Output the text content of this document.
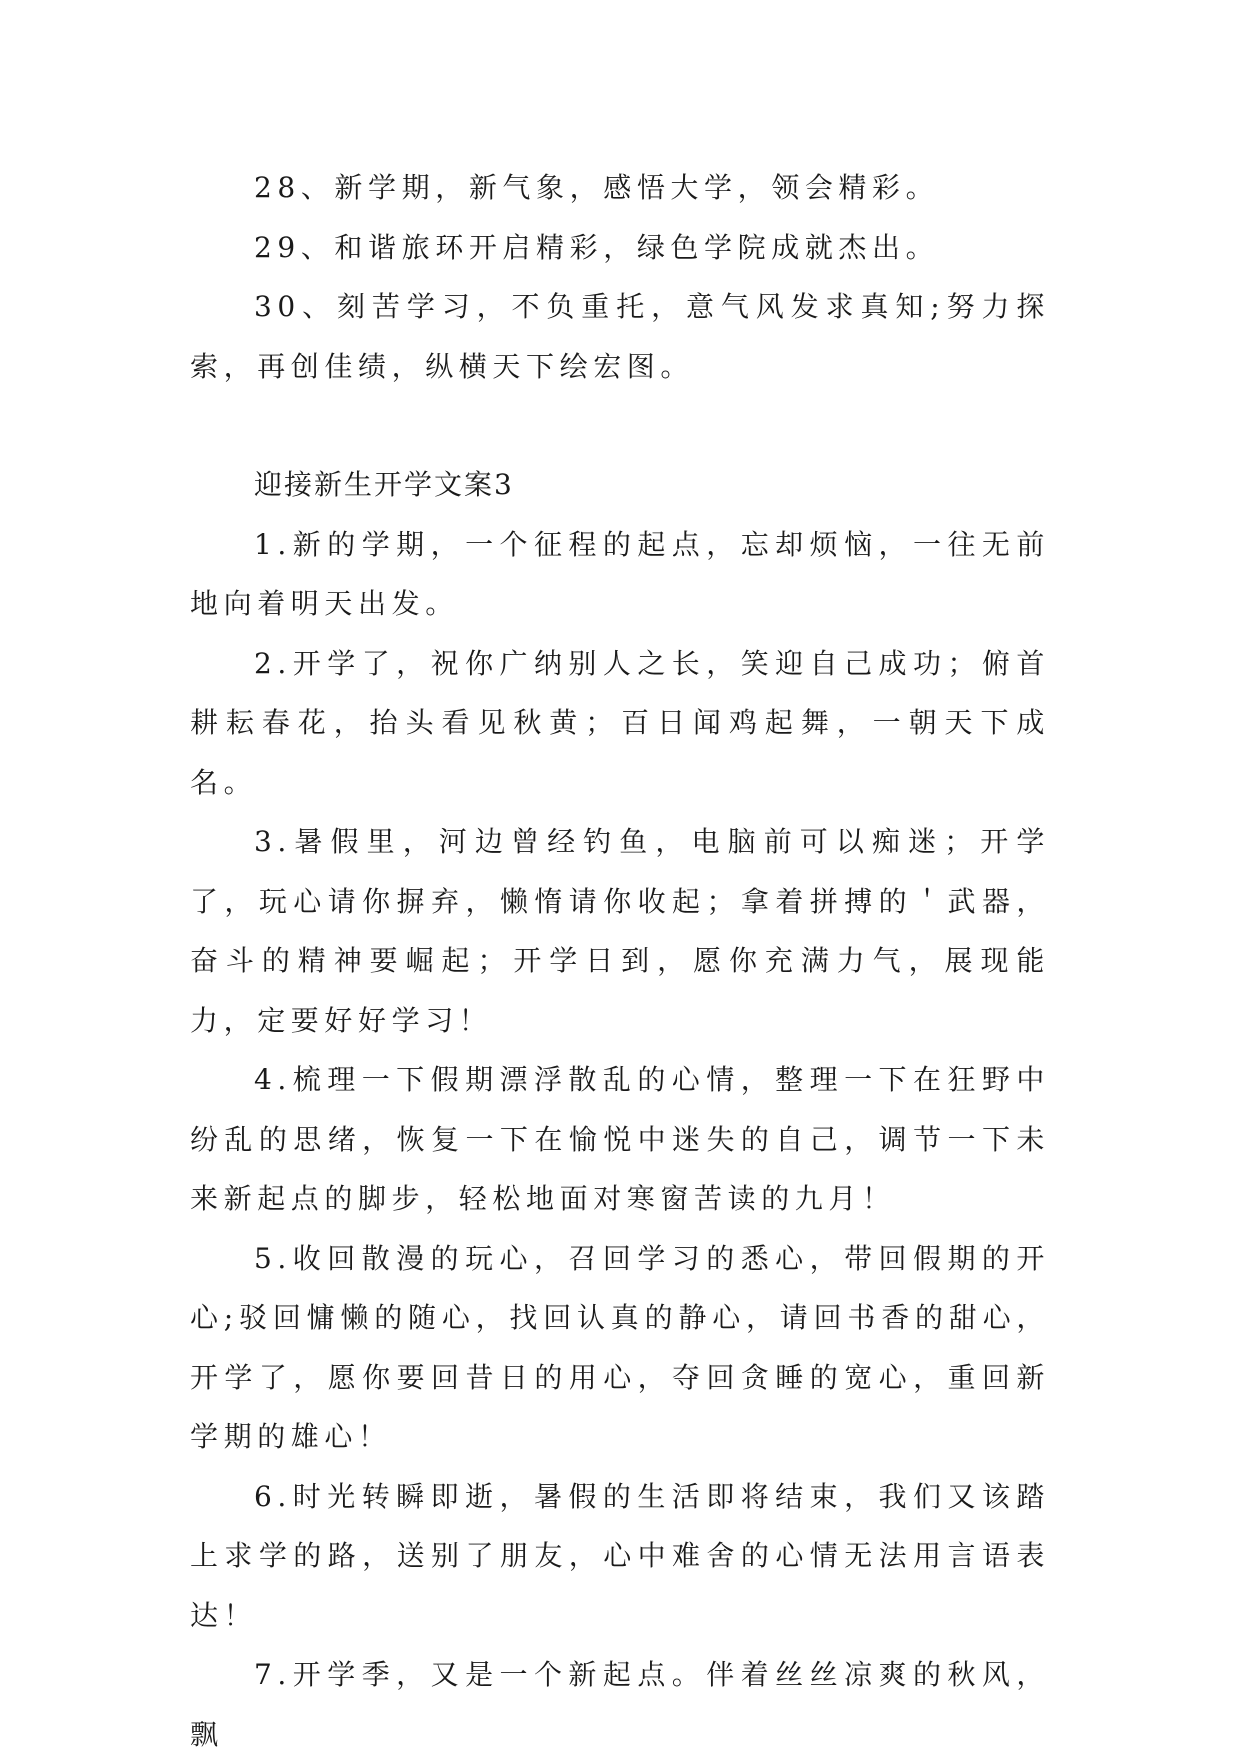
28、新学期，新气象，感悟大学，领会精彩。

29、和谐旅环开启精彩，绿色学院成就杰出。

30、刻苦学习，不负重托，意气风发求真知;努力探索，再创佳绩，纵横天下绘宏图。

迎接新生开学文案3

1.新的学期，一个征程的起点，忘却烦恼，一往无前地向着明天出发。

2.开学了，祝你广纳别人之长，笑迎自己成功；俯首耕耘春花，抬头看见秋黄；百日闻鸡起舞，一朝天下成名。

3.暑假里，河边曾经钓鱼，电脑前可以痴迷；开学了，玩心请你摒弃，懒惰请你收起；拿着拼搏的＇武器，奋斗的精神要崛起；开学日到，愿你充满力气，展现能力，定要好好学习！

4.梳理一下假期漂浮散乱的心情，整理一下在狂野中纷乱的思绪，恢复一下在愉悦中迷失的自己，调节一下未来新起点的脚步，轻松地面对寒窗苦读的九月！

5.收回散漫的玩心，召回学习的悉心，带回假期的开心;驳回慵懒的随心，找回认真的静心，请回书香的甜心，开学了，愿你要回昔日的用心，夺回贪睡的宽心，重回新学期的雄心！

6.时光转瞬即逝，暑假的生活即将结束，我们又该踏上求学的路，送别了朋友，心中难舍的心情无法用言语表达！

7.开学季，又是一个新起点。伴着丝丝凉爽的秋风，飘
